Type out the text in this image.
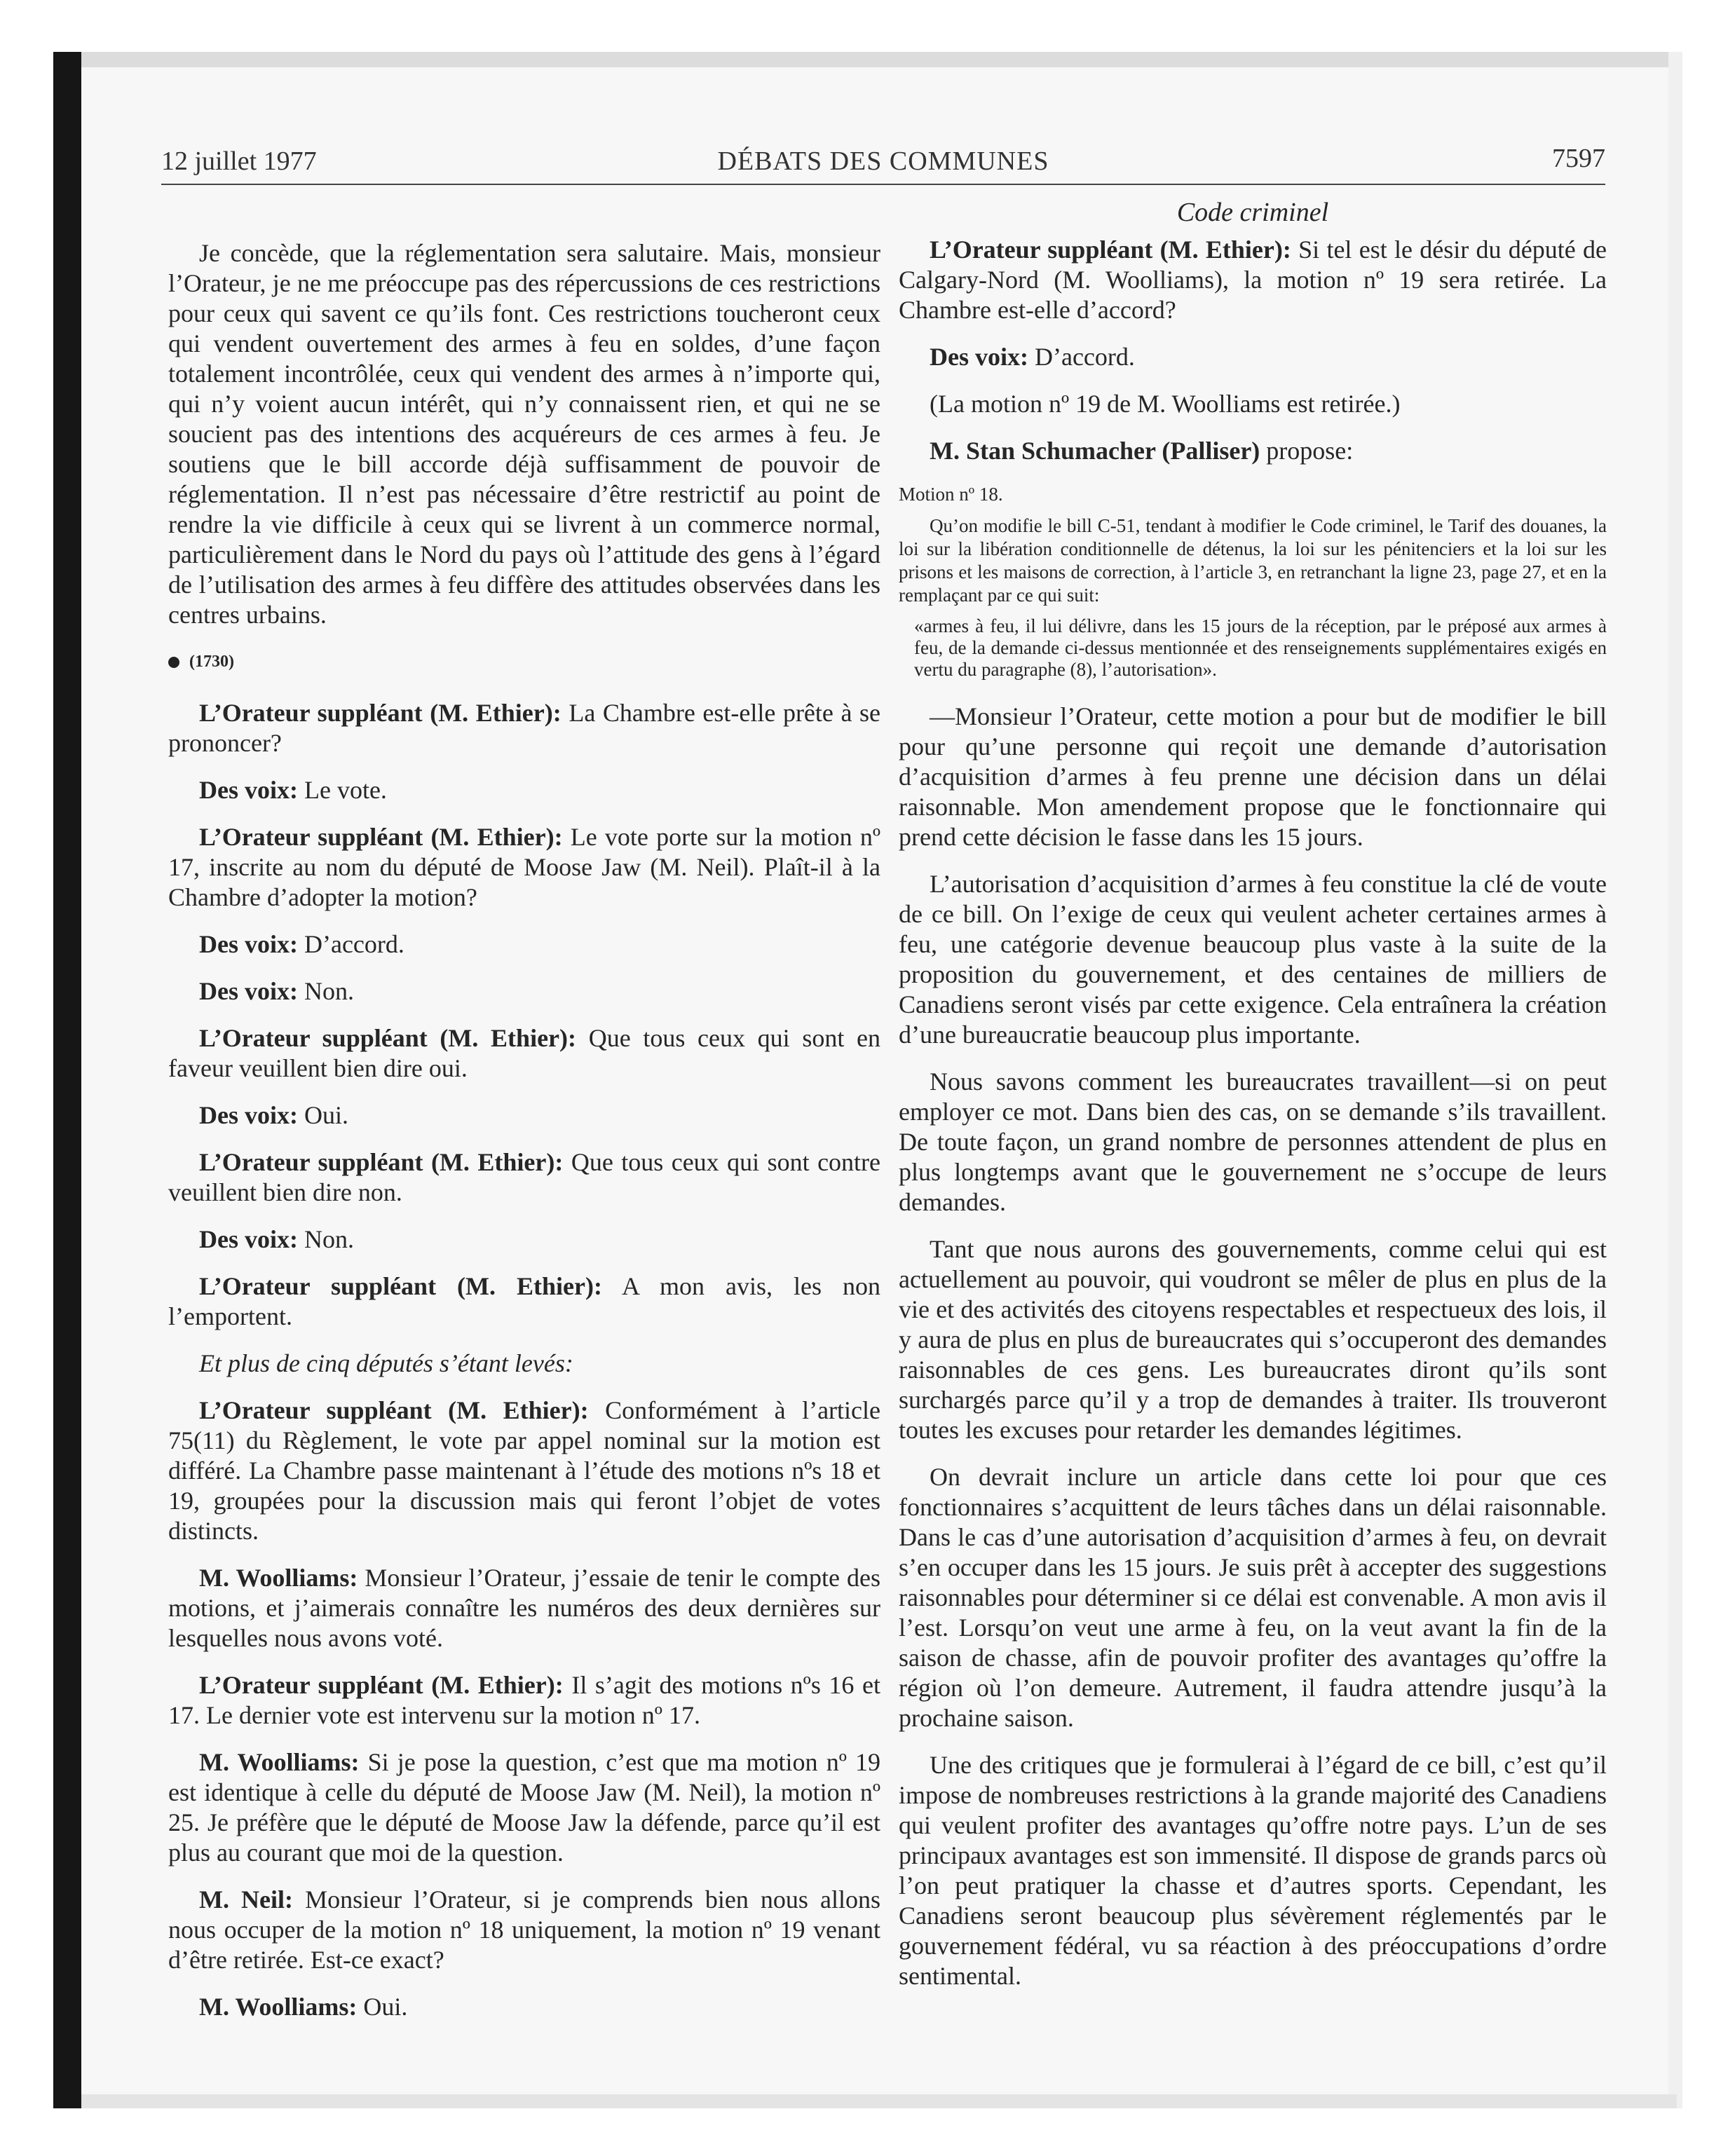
12 juillet 1977	DÉBATS DES COMMUNES	7597

Je concède, que la réglementation sera salutaire. Mais, monsieur l’Orateur, je ne me préoccupe pas des répercussions de ces restrictions pour ceux qui savent ce qu’ils font. Ces restrictions toucheront ceux qui vendent ouvertement des armes à feu en soldes, d’une façon totalement incontrôlée, ceux qui vendent des armes à n’importe qui, qui n’y voient aucun intérêt, qui n’y connaissent rien, et qui ne se soucient pas des intentions des acquéreurs de ces armes à feu. Je soutiens que le bill accorde déjà suffisamment de pouvoir de réglementation. Il n’est pas nécessaire d’être restrictif au point de rendre la vie difficile à ceux qui se livrent à un commerce normal, particulièrement dans le Nord du pays où l’attitude des gens à l’égard de l’utilisation des armes à feu diffère des attitudes observées dans les centres urbains.

(1730)

L’Orateur suppléant (M. Ethier): La Chambre est-elle prête à se prononcer?

Des voix: Le vote.

L’Orateur suppléant (M. Ethier): Le vote porte sur la motion nº 17, inscrite au nom du député de Moose Jaw (M. Neil). Plaît-il à la Chambre d’adopter la motion?

Des voix: D’accord.

Des voix: Non.

L’Orateur suppléant (M. Ethier): Que tous ceux qui sont en faveur veuillent bien dire oui.

Des voix: Oui.

L’Orateur suppléant (M. Ethier): Que tous ceux qui sont contre veuillent bien dire non.

Des voix: Non.

L’Orateur suppléant (M. Ethier): A mon avis, les non l’emportent.

Et plus de cinq députés s’étant levés:

L’Orateur suppléant (M. Ethier): Conformément à l’article 75(11) du Règlement, le vote par appel nominal sur la motion est différé. La Chambre passe maintenant à l’étude des motions nºs 18 et 19, groupées pour la discussion mais qui feront l’objet de votes distincts.

M. Woolliams: Monsieur l’Orateur, j’essaie de tenir le compte des motions, et j’aimerais connaître les numéros des deux dernières sur lesquelles nous avons voté.

L’Orateur suppléant (M. Ethier): Il s’agit des motions nºs 16 et 17. Le dernier vote est intervenu sur la motion nº 17.

M. Woolliams: Si je pose la question, c’est que ma motion nº 19 est identique à celle du député de Moose Jaw (M. Neil), la motion nº 25. Je préfère que le député de Moose Jaw la défende, parce qu’il est plus au courant que moi de la question.

M. Neil: Monsieur l’Orateur, si je comprends bien nous allons nous occuper de la motion nº 18 uniquement, la motion nº 19 venant d’être retirée. Est-ce exact?

M. Woolliams: Oui.

Code criminel

L’Orateur suppléant (M. Ethier): Si tel est le désir du député de Calgary-Nord (M. Woolliams), la motion nº 19 sera retirée. La Chambre est-elle d’accord?

Des voix: D’accord.

(La motion nº 19 de M. Woolliams est retirée.)

M. Stan Schumacher (Palliser) propose:

Motion nº 18.

Qu’on modifie le bill C-51, tendant à modifier le Code criminel, le Tarif des douanes, la loi sur la libération conditionnelle de détenus, la loi sur les pénitenciers et la loi sur les prisons et les maisons de correction, à l’article 3, en retranchant la ligne 23, page 27, et en la remplaçant par ce qui suit:

«armes à feu, il lui délivre, dans les 15 jours de la réception, par le préposé aux armes à feu, de la demande ci-dessus mentionnée et des renseignements supplémentaires exigés en vertu du paragraphe (8), l’autorisation».

—Monsieur l’Orateur, cette motion a pour but de modifier le bill pour qu’une personne qui reçoit une demande d’autorisation d’acquisition d’armes à feu prenne une décision dans un délai raisonnable. Mon amendement propose que le fonctionnaire qui prend cette décision le fasse dans les 15 jours.

L’autorisation d’acquisition d’armes à feu constitue la clé de voute de ce bill. On l’exige de ceux qui veulent acheter certaines armes à feu, une catégorie devenue beaucoup plus vaste à la suite de la proposition du gouvernement, et des centaines de milliers de Canadiens seront visés par cette exigence. Cela entraînera la création d’une bureaucratie beaucoup plus importante.

Nous savons comment les bureaucrates travaillent—si on peut employer ce mot. Dans bien des cas, on se demande s’ils travaillent. De toute façon, un grand nombre de personnes attendent de plus en plus longtemps avant que le gouvernement ne s’occupe de leurs demandes.

Tant que nous aurons des gouvernements, comme celui qui est actuellement au pouvoir, qui voudront se mêler de plus en plus de la vie et des activités des citoyens respectables et respectueux des lois, il y aura de plus en plus de bureaucrates qui s’occuperont des demandes raisonnables de ces gens. Les bureaucrates diront qu’ils sont surchargés parce qu’il y a trop de demandes à traiter. Ils trouveront toutes les excuses pour retarder les demandes légitimes.

On devrait inclure un article dans cette loi pour que ces fonctionnaires s’acquittent de leurs tâches dans un délai raisonnable. Dans le cas d’une autorisation d’acquisition d’armes à feu, on devrait s’en occuper dans les 15 jours. Je suis prêt à accepter des suggestions raisonnables pour déterminer si ce délai est convenable. A mon avis il l’est. Lorsqu’on veut une arme à feu, on la veut avant la fin de la saison de chasse, afin de pouvoir profiter des avantages qu’offre la région où l’on demeure. Autrement, il faudra attendre jusqu’à la prochaine saison.

Une des critiques que je formulerai à l’égard de ce bill, c’est qu’il impose de nombreuses restrictions à la grande majorité des Canadiens qui veulent profiter des avantages qu’offre notre pays. L’un de ses principaux avantages est son immensité. Il dispose de grands parcs où l’on peut pratiquer la chasse et d’autres sports. Cependant, les Canadiens seront beaucoup plus sévèrement réglementés par le gouvernement fédéral, vu sa réaction à des préoccupations d’ordre sentimental.
